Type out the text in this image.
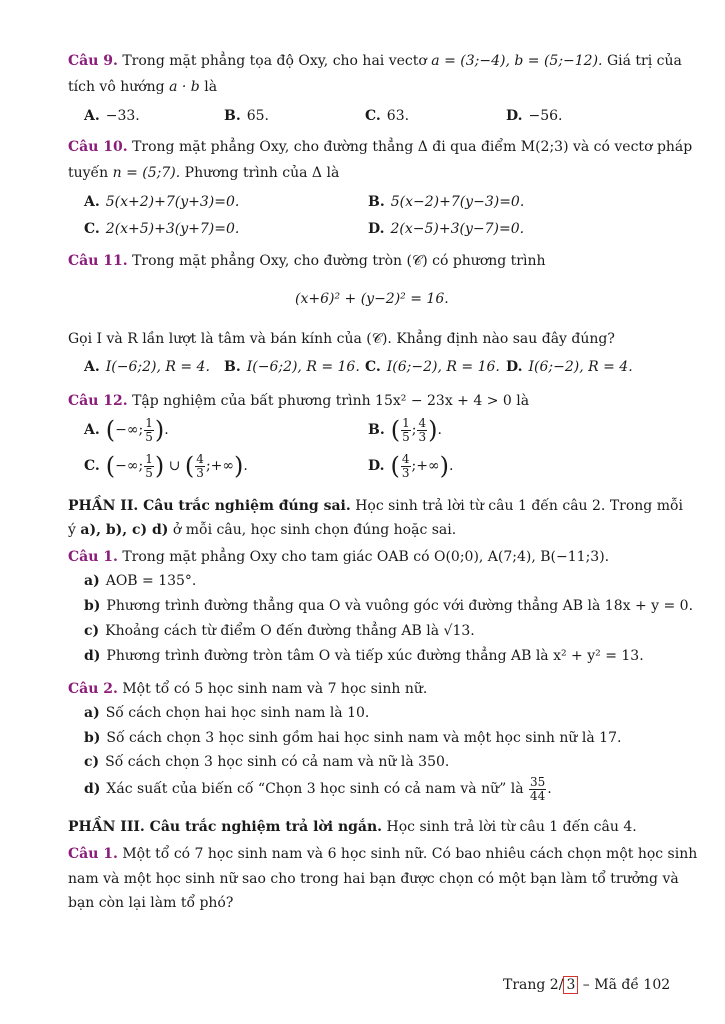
Câu 9. Trong mặt phẳng tọa độ Oxy, cho hai vectơ a = (3;−4), b = (5;−12). Giá trị của
tích vô hướng a · b là
A. −33.	B. 65.	C. 63.	D. −56.
Câu 10. Trong mặt phẳng Oxy, cho đường thẳng Δ đi qua điểm M(2;3) và có vectơ pháp
tuyến n = (5;7). Phương trình của Δ là
A. 5(x+2)+7(y+3)=0.	B. 5(x−2)+7(y−3)=0.
C. 2(x+5)+3(y+7)=0.	D. 2(x−5)+3(y−7)=0.
Câu 11. Trong mặt phẳng Oxy, cho đường tròn (𝒞) có phương trình
(x+6)² + (y−2)² = 16.
Gọi I và R lần lượt là tâm và bán kính của (𝒞). Khẳng định nào sau đây đúng?
A. I(−6;2), R = 4. B. I(−6;2), R = 16. C. I(6;−2), R = 16. D. I(6;−2), R = 4.
Câu 12. Tập nghiệm của bất phương trình 15x² − 23x + 4 > 0 là
A. (−∞; $\frac{1}{5}$ ).	B. ( $\frac{1}{5}$ ; $\frac{4}{3}$ ).
C. (−∞; $\frac{1}{5}$ ) ∪ ( $\frac{4}{3}$ ;+∞).	D. ( $\frac{4}{3}$ ;+∞).
PHẦN II. Câu trắc nghiệm đúng sai. Học sinh trả lời từ câu 1 đến câu 2. Trong mỗi
ý a), b), c) d) ở mỗi câu, học sinh chọn đúng hoặc sai.
Câu 1. Trong mặt phẳng Oxy cho tam giác OAB có O(0;0), A(7;4), B(−11;3).
a) AOB = 135°.
b) Phương trình đường thẳng qua O và vuông góc với đường thẳng AB là 18x + y = 0.
c) Khoảng cách từ điểm O đến đường thẳng AB là √13.
d) Phương trình đường tròn tâm O và tiếp xúc đường thẳng AB là x² + y² = 13.
Câu 2. Một tổ có 5 học sinh nam và 7 học sinh nữ.
a) Số cách chọn hai học sinh nam là 10.
b) Số cách chọn 3 học sinh gồm hai học sinh nam và một học sinh nữ là 17.
c) Số cách chọn 3 học sinh có cả nam và nữ là 350.
d) Xác suất của biến cố “Chọn 3 học sinh có cả nam và nữ” là $\frac{35}{44}$ .
PHẦN III. Câu trắc nghiệm trả lời ngắn. Học sinh trả lời từ câu 1 đến câu 4.
Câu 1. Một tổ có 7 học sinh nam và 6 học sinh nữ. Có bao nhiêu cách chọn một học sinh
nam và một học sinh nữ sao cho trong hai bạn được chọn có một bạn làm tổ trưởng và
bạn còn lại làm tổ phó?
Trang 2/ 3 – Mã đề 102
